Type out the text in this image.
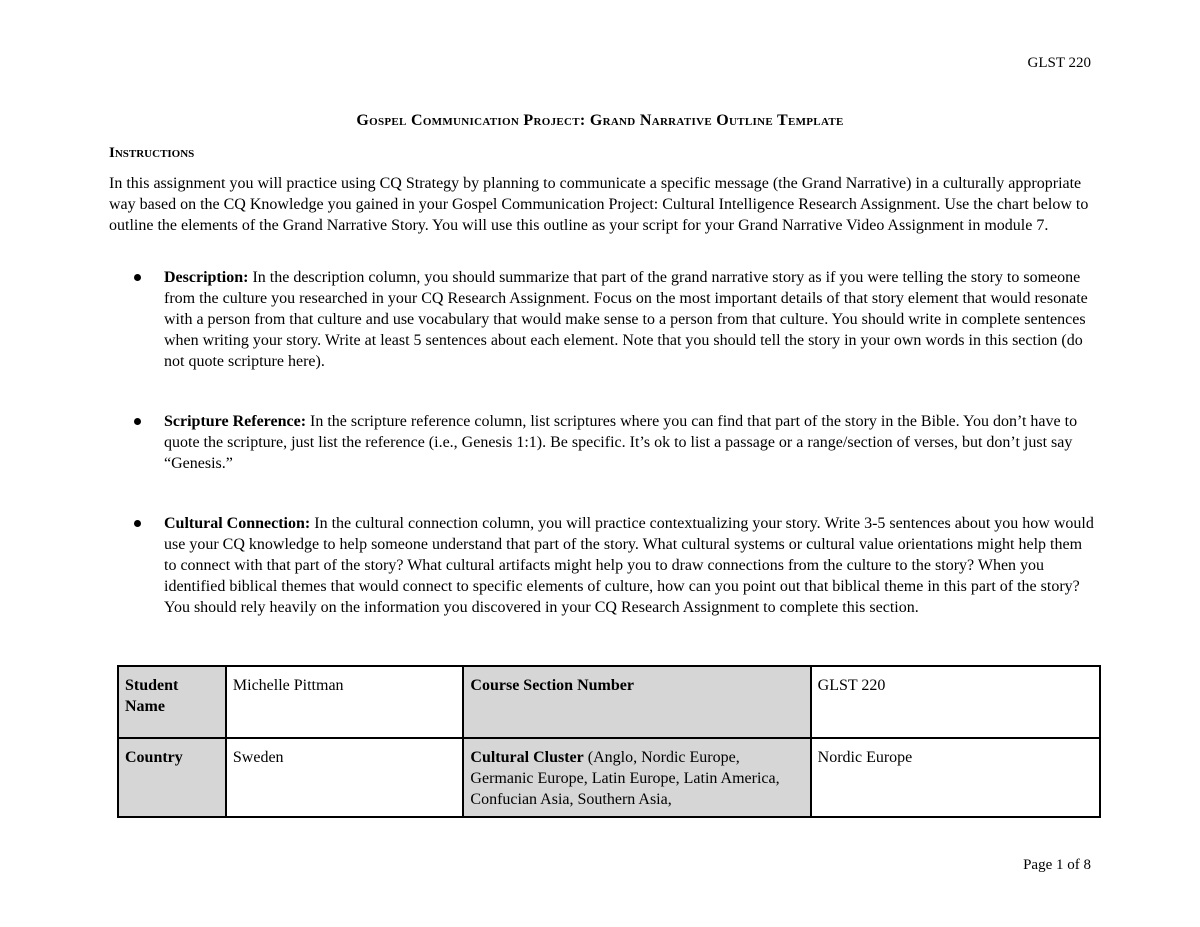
GLST 220
Gospel Communication Project: Grand Narrative Outline Template
Instructions

In this assignment you will practice using CQ Strategy by planning to communicate a specific message (the Grand Narrative) in a culturally appropriate way based on the CQ Knowledge you gained in your Gospel Communication Project: Cultural Intelligence Research Assignment. Use the chart below to outline the elements of the Grand Narrative Story. You will use this outline as your script for your Grand Narrative Video Assignment in module 7.

Description: In the description column, you should summarize that part of the grand narrative story as if you were telling the story to someone from the culture you researched in your CQ Research Assignment. Focus on the most important details of that story element that would resonate with a person from that culture and use vocabulary that would make sense to a person from that culture. You should write in complete sentences when writing your story. Write at least 5 sentences about each element. Note that you should tell the story in your own words in this section (do not quote scripture here).
Scripture Reference: In the scripture reference column, list scriptures where you can find that part of the story in the Bible. You don’t have to quote the scripture, just list the reference (i.e., Genesis 1:1). Be specific. It’s ok to list a passage or a range/section of verses, but don’t just say “Genesis.”
Cultural Connection: In the cultural connection column, you will practice contextualizing your story. Write 3-5 sentences about you how would use your CQ knowledge to help someone understand that part of the story. What cultural systems or cultural value orientations might help them to connect with that part of the story? What cultural artifacts might help you to draw connections from the culture to the story? When you identified biblical themes that would connect to specific elements of culture, how can you point out that biblical theme in this part of the story? You should rely heavily on the information you discovered in your CQ Research Assignment to complete this section.
Student Name	Michelle Pittman	Course Section Number	GLST 220
Country	Sweden	Cultural Cluster (Anglo, Nordic Europe, Germanic Europe, Latin Europe, Latin America, Confucian Asia, Southern Asia,	Nordic Europe
Page 1 of 8
